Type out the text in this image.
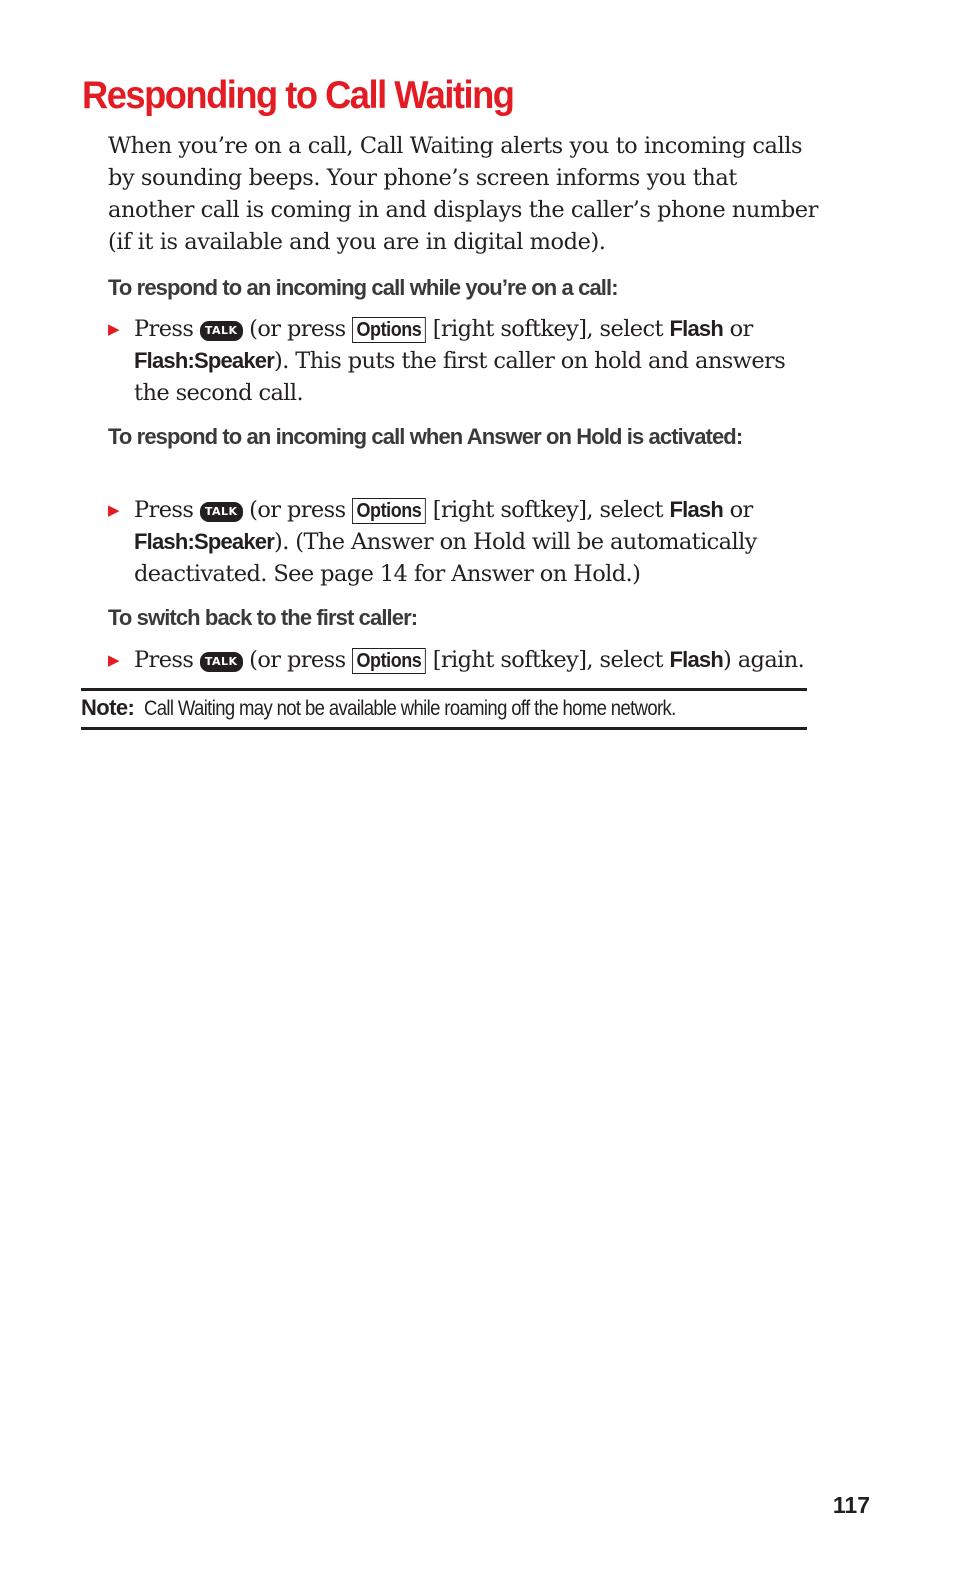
Responding to Call Waiting

When you’re on a call, Call Waiting alerts you to incoming calls by sounding beeps. Your phone’s screen informs you that another call is coming in and displays the caller’s phone number (if it is available and you are in digital mode).

To respond to an incoming call while you’re on a call:
▶ Press TALK (or press Options [right softkey], select Flash or Flash:Speaker). This puts the first caller on hold and answers the second call.
To respond to an incoming call when Answer on Hold is activated:
▶ Press TALK (or press Options [right softkey], select Flash or Flash:Speaker). (The Answer on Hold will be automatically deactivated. See page 14 for Answer on Hold.)
To switch back to the first caller:
▶ Press TALK (or press Options [right softkey], select Flash) again.
Note: Call Waiting may not be available while roaming off the home network.
117
